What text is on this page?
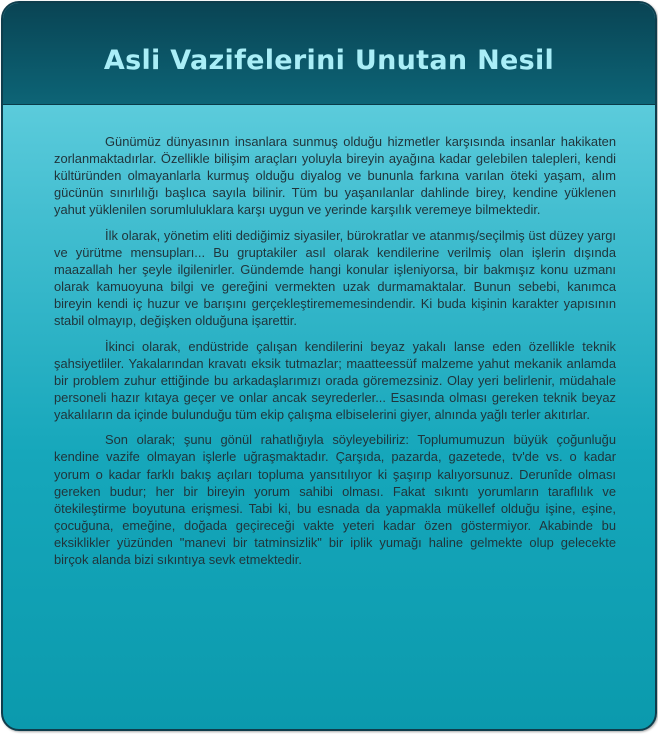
Asli Vazifelerini Unutan Nesil

Günümüz dünyasının insanlara sunmuş olduğu hizmetler karşısında insanlar hakikaten zorlanmaktadırlar. Özellikle bilişim araçları yoluyla bireyin ayağına kadar gelebilen talepleri, kendi kültüründen olmayanlarla kurmuş olduğu diyalog ve bununla farkına varılan öteki yaşam, alım gücünün sınırlılığı başlıca sayıla bilinir. Tüm bu yaşanılanlar dahlinde birey, kendine yüklenen yahut yüklenilen sorumluluklara karşı uygun ve yerinde karşılık veremeye bilmektedir.

İlk olarak, yönetim eliti dediğimiz siyasiler, bürokratlar ve atanmış/seçilmiş üst düzey yargı ve yürütme mensupları... Bu gruptakiler asıl olarak kendilerine verilmiş olan işlerin dışında maazallah her şeyle ilgilenirler. Gündemde hangi konular işleniyorsa, bir bakmışız konu uzmanı olarak kamuoyuna bilgi ve gereğini vermekten uzak durmamaktalar. Bunun sebebi, kanımca bireyin kendi iç huzur ve barışını gerçekleştirememesindendir. Ki buda kişinin karakter yapısının stabil olmayıp, değişken olduğuna işarettir.

İkinci olarak, endüstride çalışan kendilerini beyaz yakalı lanse eden özellikle teknik şahsiyetliler. Yakalarından kravatı eksik tutmazlar; maatteessüf malzeme yahut mekanik anlamda bir problem zuhur ettiğinde bu arkadaşlarımızı orada göremezsiniz. Olay yeri belirlenir, müdahale personeli hazır kıtaya geçer ve onlar ancak seyrederler... Esasında olması gereken teknik beyaz yakalıların da içinde bulunduğu tüm ekip çalışma elbiselerini giyer, alnında yağlı terler akıtırlar.

Son olarak; şunu gönül rahatlığıyla söyleyebiliriz: Toplumumuzun büyük çoğunluğu kendine vazife olmayan işlerle uğraşmaktadır. Çarşıda, pazarda, gazetede, tv'de vs. o kadar yorum o kadar farklı bakış açıları topluma yansıtılıyor ki şaşırıp kalıyorsunuz. Derunîde olması gereken budur; her bir bireyin yorum sahibi olması. Fakat sıkıntı yorumların taraflılık ve ötekileştirme boyutuna erişmesi. Tabi ki, bu esnada da yapmakla mükellef olduğu işine, eşine, çocuğuna, emeğine, doğada geçireceği vakte yeteri kadar özen göstermiyor. Akabinde bu eksiklikler yüzünden "manevi bir tatminsizlik" bir iplik yumağı haline gelmekte olup gelecekte birçok alanda bizi sıkıntıya sevk etmektedir.
